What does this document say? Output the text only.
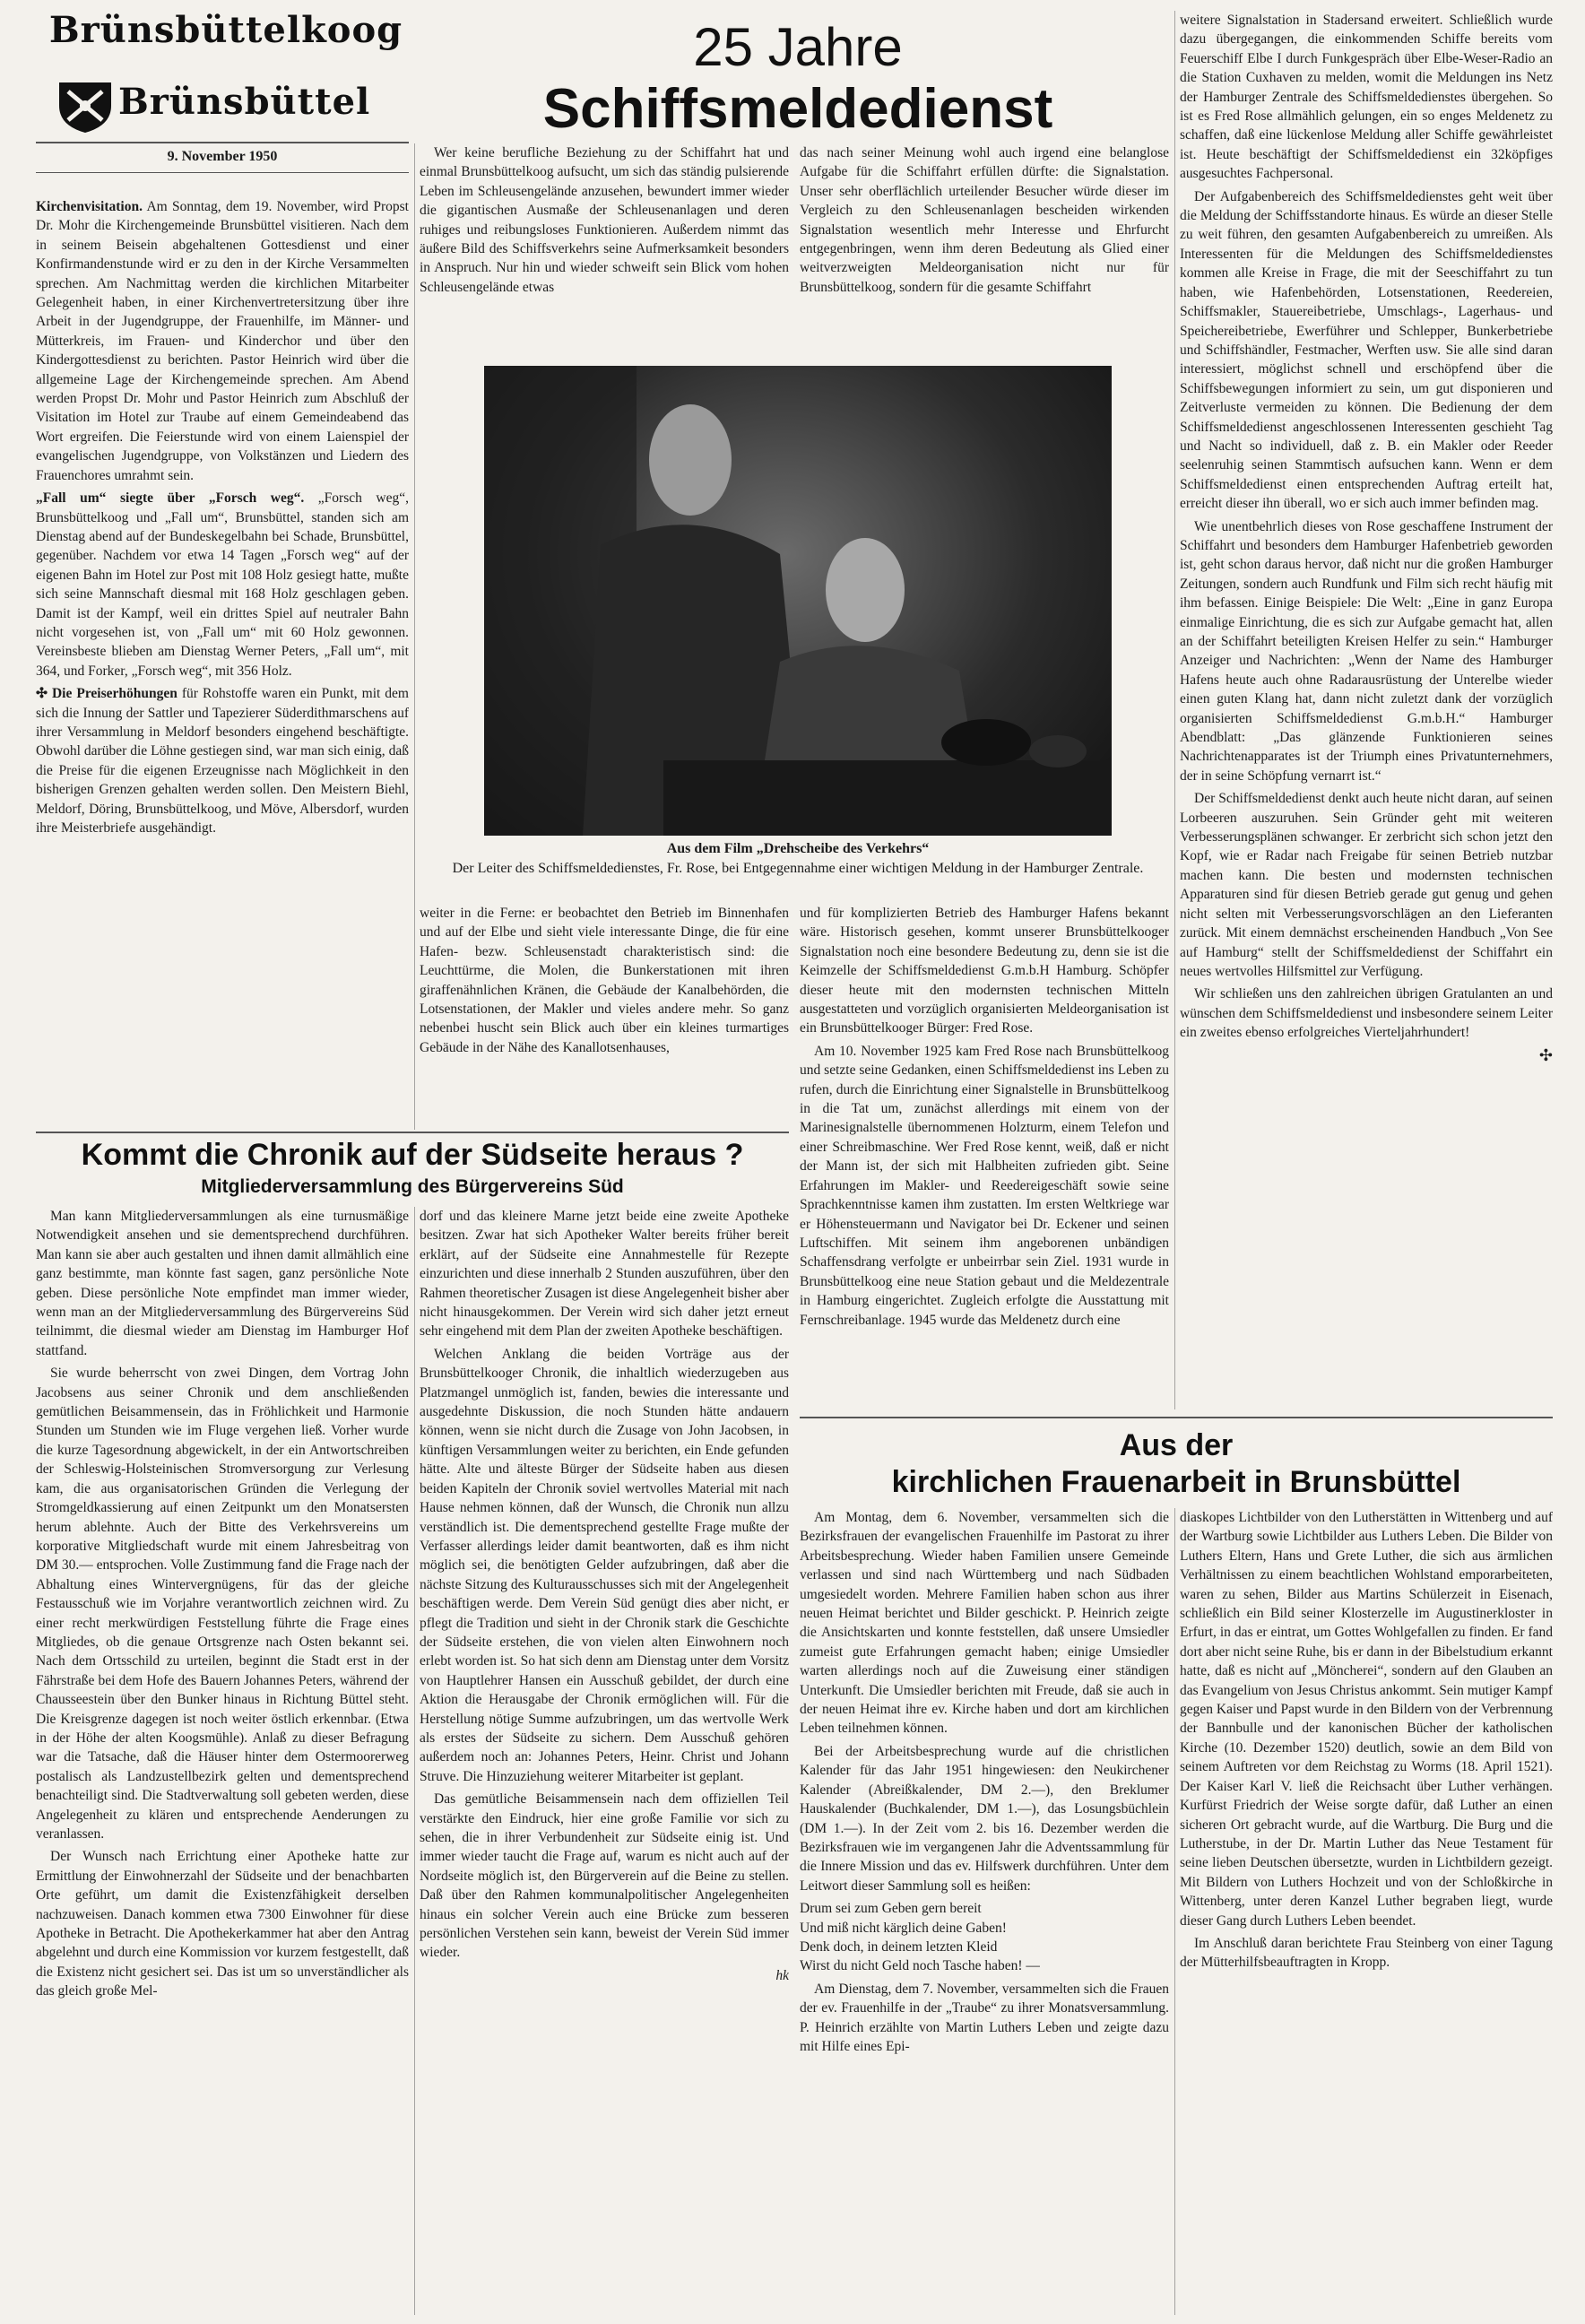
Brünsbüttelkoog
Brünsbüttel
9. November 1950

Kirchenvisitation. Am Sonntag, dem 19. November, wird Propst Dr. Mohr die Kirchengemeinde Brunsbüttel visitieren. Nach dem in seinem Beisein abgehaltenen Gottesdienst und einer Konfirmandenstunde wird er zu den in der Kirche Versammelten sprechen. Am Nachmittag werden die kirchlichen Mitarbeiter Gelegenheit haben, in einer Kirchenvertretersitzung über ihre Arbeit in der Jugendgruppe, der Frauenhilfe, im Männer- und Mütterkreis, im Frauen- und Kinderchor und über den Kindergottesdienst zu berichten. Pastor Heinrich wird über die allgemeine Lage der Kirchengemeinde sprechen. Am Abend werden Propst Dr. Mohr und Pastor Heinrich zum Abschluß der Visitation im Hotel zur Traube auf einem Gemeindeabend das Wort ergreifen. Die Feierstunde wird von einem Laienspiel der evangelischen Jugendgruppe, von Volkstänzen und Liedern des Frauenchores umrahmt sein.

„Fall um“ siegte über „Forsch weg“. „Forsch weg“, Brunsbüttelkoog und „Fall um“, Brunsbüttel, standen sich am Dienstag abend auf der Bundeskegelbahn bei Schade, Brunsbüttel, gegenüber. Nachdem vor etwa 14 Tagen „Forsch weg“ auf der eigenen Bahn im Hotel zur Post mit 108 Holz gesiegt hatte, mußte sich seine Mannschaft diesmal mit 168 Holz geschlagen geben. Damit ist der Kampf, weil ein drittes Spiel auf neutraler Bahn nicht vorgesehen ist, von „Fall um“ mit 60 Holz gewonnen. Vereinsbeste blieben am Dienstag Werner Peters, „Fall um“, mit 364, und Forker, „Forsch weg“, mit 356 Holz.

✣ Die Preiserhöhungen für Rohstoffe waren ein Punkt, mit dem sich die Innung der Sattler und Tapezierer Süderdithmarschens auf ihrer Versammlung in Meldorf besonders eingehend beschäftigte. Obwohl darüber die Löhne gestiegen sind, war man sich einig, daß die Preise für die eigenen Erzeugnisse nach Möglichkeit in den bisherigen Grenzen gehalten werden sollen. Den Meistern Biehl, Meldorf, Döring, Brunsbüttelkoog, und Möve, Albersdorf, wurden ihre Meisterbriefe ausgehändigt.

25 Jahre
Schiffsmeldedienst

Wer keine berufliche Beziehung zu der Schiffahrt hat und einmal Brunsbüttelkoog aufsucht, um sich das ständig pulsierende Leben im Schleusengelände anzusehen, bewundert immer wieder die gigantischen Ausmaße der Schleusenanlagen und deren ruhiges und reibungsloses Funktionieren. Außerdem nimmt das äußere Bild des Schiffsverkehrs seine Aufmerksamkeit besonders in Anspruch. Nur hin und wieder schweift sein Blick vom hohen Schleusengelände etwas

das nach seiner Meinung wohl auch irgend eine belanglose Aufgabe für die Schiffahrt erfüllen dürfte: die Signalstation. Unser sehr oberflächlich urteilender Besucher würde dieser im Vergleich zu den Schleusenanlagen bescheiden wirkenden Signalstation wesentlich mehr Interesse und Ehrfurcht entgegenbringen, wenn ihm deren Bedeutung als Glied einer weitverzweigten Meldeorganisation nicht nur für Brunsbüttelkoog, sondern für die gesamte Schiffahrt

Aus dem Film „Drehscheibe des Verkehrs“
Der Leiter des Schiffsmeldedienstes, Fr. Rose, bei Entgegennahme einer wichtigen Meldung in der Hamburger Zentrale.

weiter in die Ferne: er beobachtet den Betrieb im Binnenhafen und auf der Elbe und sieht viele interessante Dinge, die für eine Hafen- bezw. Schleusenstadt charakteristisch sind: die Leuchttürme, die Molen, die Bunkerstationen mit ihren giraffenähnlichen Kränen, die Gebäude der Kanalbehörden, die Lotsenstationen, der Makler und vieles andere mehr. So ganz nebenbei huscht sein Blick auch über ein kleines turmartiges Gebäude in der Nähe des Kanallotsenhauses,

und für komplizierten Betrieb des Hamburger Hafens bekannt wäre. Historisch gesehen, kommt unserer Brunsbüttelkooger Signalstation noch eine besondere Bedeutung zu, denn sie ist die Keimzelle der Schiffsmeldedienst G.m.b.H Hamburg. Schöpfer dieser heute mit den modernsten technischen Mitteln ausgestatteten und vorzüglich organisierten Meldeorganisation ist ein Brunsbüttelkooger Bürger: Fred Rose.

Am 10. November 1925 kam Fred Rose nach Brunsbüttelkoog und setzte seine Gedanken, einen Schiffsmeldedienst ins Leben zu rufen, durch die Einrichtung einer Signalstelle in Brunsbüttelkoog in die Tat um, zunächst allerdings mit einem von der Marinesignalstelle übernommenen Holzturm, einem Telefon und einer Schreibmaschine. Wer Fred Rose kennt, weiß, daß er nicht der Mann ist, der sich mit Halbheiten zufrieden gibt. Seine Erfahrungen im Makler- und Reedereigeschäft sowie seine Sprachkenntnisse kamen ihm zustatten. Im ersten Weltkriege war er Höhensteuermann und Navigator bei Dr. Eckener und seinen Luftschiffen. Mit seinem ihm angeborenen unbändigen Schaffensdrang verfolgte er unbeirrbar sein Ziel. 1931 wurde in Brunsbüttelkoog eine neue Station gebaut und die Meldezentrale in Hamburg eingerichtet. Zugleich erfolgte die Ausstattung mit Fernschreibanlage. 1945 wurde das Meldenetz durch eine

weitere Signalstation in Stadersand erweitert. Schließlich wurde dazu übergegangen, die einkommenden Schiffe bereits vom Feuerschiff Elbe I durch Funkgespräch über Elbe-Weser-Radio an die Station Cuxhaven zu melden, womit die Meldungen ins Netz der Hamburger Zentrale des Schiffsmeldedienstes übergehen. So ist es Fred Rose allmählich gelungen, ein so enges Meldenetz zu schaffen, daß eine lückenlose Meldung aller Schiffe gewährleistet ist. Heute beschäftigt der Schiffsmeldedienst ein 32köpfiges ausgesuchtes Fachpersonal.

Der Aufgabenbereich des Schiffsmeldedienstes geht weit über die Meldung der Schiffsstandorte hinaus. Es würde an dieser Stelle zu weit führen, den gesamten Aufgabenbereich zu umreißen. Als Interessenten für die Meldungen des Schiffsmeldedienstes kommen alle Kreise in Frage, die mit der Seeschiffahrt zu tun haben, wie Hafenbehörden, Lotsenstationen, Reedereien, Schiffsmakler, Stauereibetriebe, Umschlags-, Lagerhaus- und Speichereibetriebe, Ewerführer und Schlepper, Bunkerbetriebe und Schiffshändler, Festmacher, Werften usw. Sie alle sind daran interessiert, möglichst schnell und erschöpfend über die Schiffsbewegungen informiert zu sein, um gut disponieren und Zeitverluste vermeiden zu können. Die Bedienung der dem Schiffsmeldedienst angeschlossenen Interessenten geschieht Tag und Nacht so individuell, daß z. B. ein Makler oder Reeder seelenruhig seinen Stammtisch aufsuchen kann. Wenn er dem Schiffsmeldedienst einen entsprechenden Auftrag erteilt hat, erreicht dieser ihn überall, wo er sich auch immer befinden mag.

Wie unentbehrlich dieses von Rose geschaffene Instrument der Schiffahrt und besonders dem Hamburger Hafenbetrieb geworden ist, geht schon daraus hervor, daß nicht nur die großen Hamburger Zeitungen, sondern auch Rundfunk und Film sich recht häufig mit ihm befassen. Einige Beispiele: Die Welt: „Eine in ganz Europa einmalige Einrichtung, die es sich zur Aufgabe gemacht hat, allen an der Schiffahrt beteiligten Kreisen Helfer zu sein.“ Hamburger Anzeiger und Nachrichten: „Wenn der Name des Hamburger Hafens heute auch ohne Radarausrüstung der Unterelbe wieder einen guten Klang hat, dann nicht zuletzt dank der vorzüglich organisierten Schiffsmeldedienst G.m.b.H.“ Hamburger Abendblatt: „Das glänzende Funktionieren seines Nachrichtenapparates ist der Triumph eines Privatunternehmers, der in seine Schöpfung vernarrt ist.“

Der Schiffsmeldedienst denkt auch heute nicht daran, auf seinen Lorbeeren auszuruhen. Sein Gründer geht mit weiteren Verbesserungsplänen schwanger. Er zerbricht sich schon jetzt den Kopf, wie er Radar nach Freigabe für seinen Betrieb nutzbar machen kann. Die besten und modernsten technischen Apparaturen sind für diesen Betrieb gerade gut genug und gehen nicht selten mit Verbesserungsvorschlägen an den Lieferanten zurück. Mit einem demnächst erscheinenden Handbuch „Von See auf Hamburg“ stellt der Schiffsmeldedienst der Schiffahrt ein neues wertvolles Hilfsmittel zur Verfügung.

Wir schließen uns den zahlreichen übrigen Gratulanten an und wünschen dem Schiffsmeldedienst und insbesondere seinem Leiter ein zweites ebenso erfolgreiches Vierteljahrhundert!

✣
Kommt die Chronik auf der Südseite heraus ?
Mitgliederversammlung des Bürgervereins Süd

Man kann Mitgliederversammlungen als eine turnusmäßige Notwendigkeit ansehen und sie dementsprechend durchführen. Man kann sie aber auch gestalten und ihnen damit allmählich eine ganz bestimmte, man könnte fast sagen, ganz persönliche Note geben. Diese persönliche Note empfindet man immer wieder, wenn man an der Mitgliederversammlung des Bürgervereins Süd teilnimmt, die diesmal wieder am Dienstag im Hamburger Hof stattfand.

Sie wurde beherrscht von zwei Dingen, dem Vortrag John Jacobsens aus seiner Chronik und dem anschließenden gemütlichen Beisammensein, das in Fröhlichkeit und Harmonie Stunden um Stunden wie im Fluge vergehen ließ. Vorher wurde die kurze Tagesordnung abgewickelt, in der ein Antwortschreiben der Schleswig-Holsteinischen Stromversorgung zur Verlesung kam, die aus organisatorischen Gründen die Verlegung der Stromgeldkassierung auf einen Zeitpunkt um den Monatsersten herum ablehnte. Auch der Bitte des Verkehrsvereins um korporative Mitgliedschaft wurde mit einem Jahresbeitrag von DM 30.— entsprochen. Volle Zustimmung fand die Frage nach der Abhaltung eines Wintervergnügens, für das der gleiche Festausschuß wie im Vorjahre verantwortlich zeichnen wird. Zu einer recht merkwürdigen Feststellung führte die Frage eines Mitgliedes, ob die genaue Ortsgrenze nach Osten bekannt sei. Nach dem Ortsschild zu urteilen, beginnt die Stadt erst in der Fährstraße bei dem Hofe des Bauern Johannes Peters, während der Chausseestein über den Bunker hinaus in Richtung Büttel steht. Die Kreisgrenze dagegen ist noch weiter östlich erkennbar. (Etwa in der Höhe der alten Koogsmühle). Anlaß zu dieser Befragung war die Tatsache, daß die Häuser hinter dem Ostermoorerweg postalisch als Landzustellbezirk gelten und dementsprechend benachteiligt sind. Die Stadtverwaltung soll gebeten werden, diese Angelegenheit zu klären und entsprechende Aenderungen zu veranlassen.

Der Wunsch nach Errichtung einer Apotheke hatte zur Ermittlung der Einwohnerzahl der Südseite und der benachbarten Orte geführt, um damit die Existenzfähigkeit derselben nachzuweisen. Danach kommen etwa 7300 Einwohner für diese Apotheke in Betracht. Die Apothekerkammer hat aber den Antrag abgelehnt und durch eine Kommission vor kurzem festgestellt, daß die Existenz nicht gesichert sei. Das ist um so unverständlicher als das gleich große Mel-

dorf und das kleinere Marne jetzt beide eine zweite Apotheke besitzen. Zwar hat sich Apotheker Walter bereits früher bereit erklärt, auf der Südseite eine Annahmestelle für Rezepte einzurichten und diese innerhalb 2 Stunden auszuführen, über den Rahmen theoretischer Zusagen ist diese Angelegenheit bisher aber nicht hinausgekommen. Der Verein wird sich daher jetzt erneut sehr eingehend mit dem Plan der zweiten Apotheke beschäftigen.

Welchen Anklang die beiden Vorträge aus der Brunsbüttelkooger Chronik, die inhaltlich wiederzugeben aus Platzmangel unmöglich ist, fanden, bewies die interessante und ausgedehnte Diskussion, die noch Stunden hätte andauern können, wenn sie nicht durch die Zusage von John Jacobsen, in künftigen Versammlungen weiter zu berichten, ein Ende gefunden hätte. Alte und älteste Bürger der Südseite haben aus diesen beiden Kapiteln der Chronik soviel wertvolles Material mit nach Hause nehmen können, daß der Wunsch, die Chronik nun allzu verständlich ist. Die dementsprechend gestellte Frage mußte der Verfasser allerdings leider damit beantworten, daß es ihm nicht möglich sei, die benötigten Gelder aufzubringen, daß aber die nächste Sitzung des Kulturausschusses sich mit der Angelegenheit beschäftigen werde. Dem Verein Süd genügt dies aber nicht, er pflegt die Tradition und sieht in der Chronik stark die Geschichte der Südseite erstehen, die von vielen alten Einwohnern noch erlebt worden ist. So hat sich denn am Dienstag unter dem Vorsitz von Hauptlehrer Hansen ein Ausschuß gebildet, der durch eine Aktion die Herausgabe der Chronik ermöglichen will. Für die Herstellung nötige Summe aufzubringen, um das wertvolle Werk als erstes der Südseite zu sichern. Dem Ausschuß gehören außerdem noch an: Johannes Peters, Heinr. Christ und Johann Struve. Die Hinzuziehung weiterer Mitarbeiter ist geplant.

Das gemütliche Beisammensein nach dem offiziellen Teil verstärkte den Eindruck, hier eine große Familie vor sich zu sehen, die in ihrer Verbundenheit zur Südseite einig ist. Und immer wieder taucht die Frage auf, warum es nicht auch auf der Nordseite möglich ist, den Bürgerverein auf die Beine zu stellen. Daß über den Rahmen kommunalpolitischer Angelegenheiten hinaus ein solcher Verein auch eine Brücke zum besseren persönlichen Verstehen sein kann, beweist der Verein Süd immer wieder.

hk
Aus der
kirchlichen Frauenarbeit in Brunsbüttel

Am Montag, dem 6. November, versammelten sich die Bezirksfrauen der evangelischen Frauenhilfe im Pastorat zu ihrer Arbeitsbesprechung. Wieder haben Familien unsere Gemeinde verlassen und sind nach Württemberg und nach Südbaden umgesiedelt worden. Mehrere Familien haben schon aus ihrer neuen Heimat berichtet und Bilder geschickt. P. Heinrich zeigte die Ansichtskarten und konnte feststellen, daß unsere Umsiedler zumeist gute Erfahrungen gemacht haben; einige Umsiedler warten allerdings noch auf die Zuweisung einer ständigen Unterkunft. Die Umsiedler berichten mit Freude, daß sie auch in der neuen Heimat ihre ev. Kirche haben und dort am kirchlichen Leben teilnehmen können.

Bei der Arbeitsbesprechung wurde auf die christlichen Kalender für das Jahr 1951 hingewiesen: den Neukirchener Kalender (Abreißkalender, DM 2.—), den Breklumer Hauskalender (Buchkalender, DM 1.—), das Losungsbüchlein (DM 1.—). In der Zeit vom 2. bis 16. Dezember werden die Bezirksfrauen wie im vergangenen Jahr die Adventssammlung für die Innere Mission und das ev. Hilfswerk durchführen. Unter dem Leitwort dieser Sammlung soll es heißen:

Drum sei zum Geben gern bereit
Und miß nicht kärglich deine Gaben!
Denk doch, in deinem letzten Kleid
Wirst du nicht Geld noch Tasche haben! —

Am Dienstag, dem 7. November, versammelten sich die Frauen der ev. Frauenhilfe in der „Traube“ zu ihrer Monatsversammlung. P. Heinrich erzählte von Martin Luthers Leben und zeigte dazu mit Hilfe eines Epi-

diaskopes Lichtbilder von den Lutherstätten in Wittenberg und auf der Wartburg sowie Lichtbilder aus Luthers Leben. Die Bilder von Luthers Eltern, Hans und Grete Luther, die sich aus ärmlichen Verhältnissen zu einem beachtlichen Wohlstand emporarbeiteten, waren zu sehen, Bilder aus Martins Schülerzeit in Eisenach, schließlich ein Bild seiner Klosterzelle im Augustinerkloster in Erfurt, in das er eintrat, um Gottes Wohlgefallen zu finden. Er fand dort aber nicht seine Ruhe, bis er dann in der Bibelstudium erkannt hatte, daß es nicht auf „Möncherei“, sondern auf den Glauben an das Evangelium von Jesus Christus ankommt. Sein mutiger Kampf gegen Kaiser und Papst wurde in den Bildern von der Verbrennung der Bannbulle und der kanonischen Bücher der katholischen Kirche (10. Dezember 1520) deutlich, sowie an dem Bild von seinem Auftreten vor dem Reichstag zu Worms (18. April 1521). Der Kaiser Karl V. ließ die Reichsacht über Luther verhängen. Kurfürst Friedrich der Weise sorgte dafür, daß Luther an einen sicheren Ort gebracht wurde, auf die Wartburg. Die Burg und die Lutherstube, in der Dr. Martin Luther das Neue Testament für seine lieben Deutschen übersetzte, wurden in Lichtbildern gezeigt. Mit Bildern von Luthers Hochzeit und von der Schloßkirche in Wittenberg, unter deren Kanzel Luther begraben liegt, wurde dieser Gang durch Luthers Leben beendet.

Im Anschluß daran berichtete Frau Steinberg von einer Tagung der Mütterhilfsbeauftragten in Kropp.
